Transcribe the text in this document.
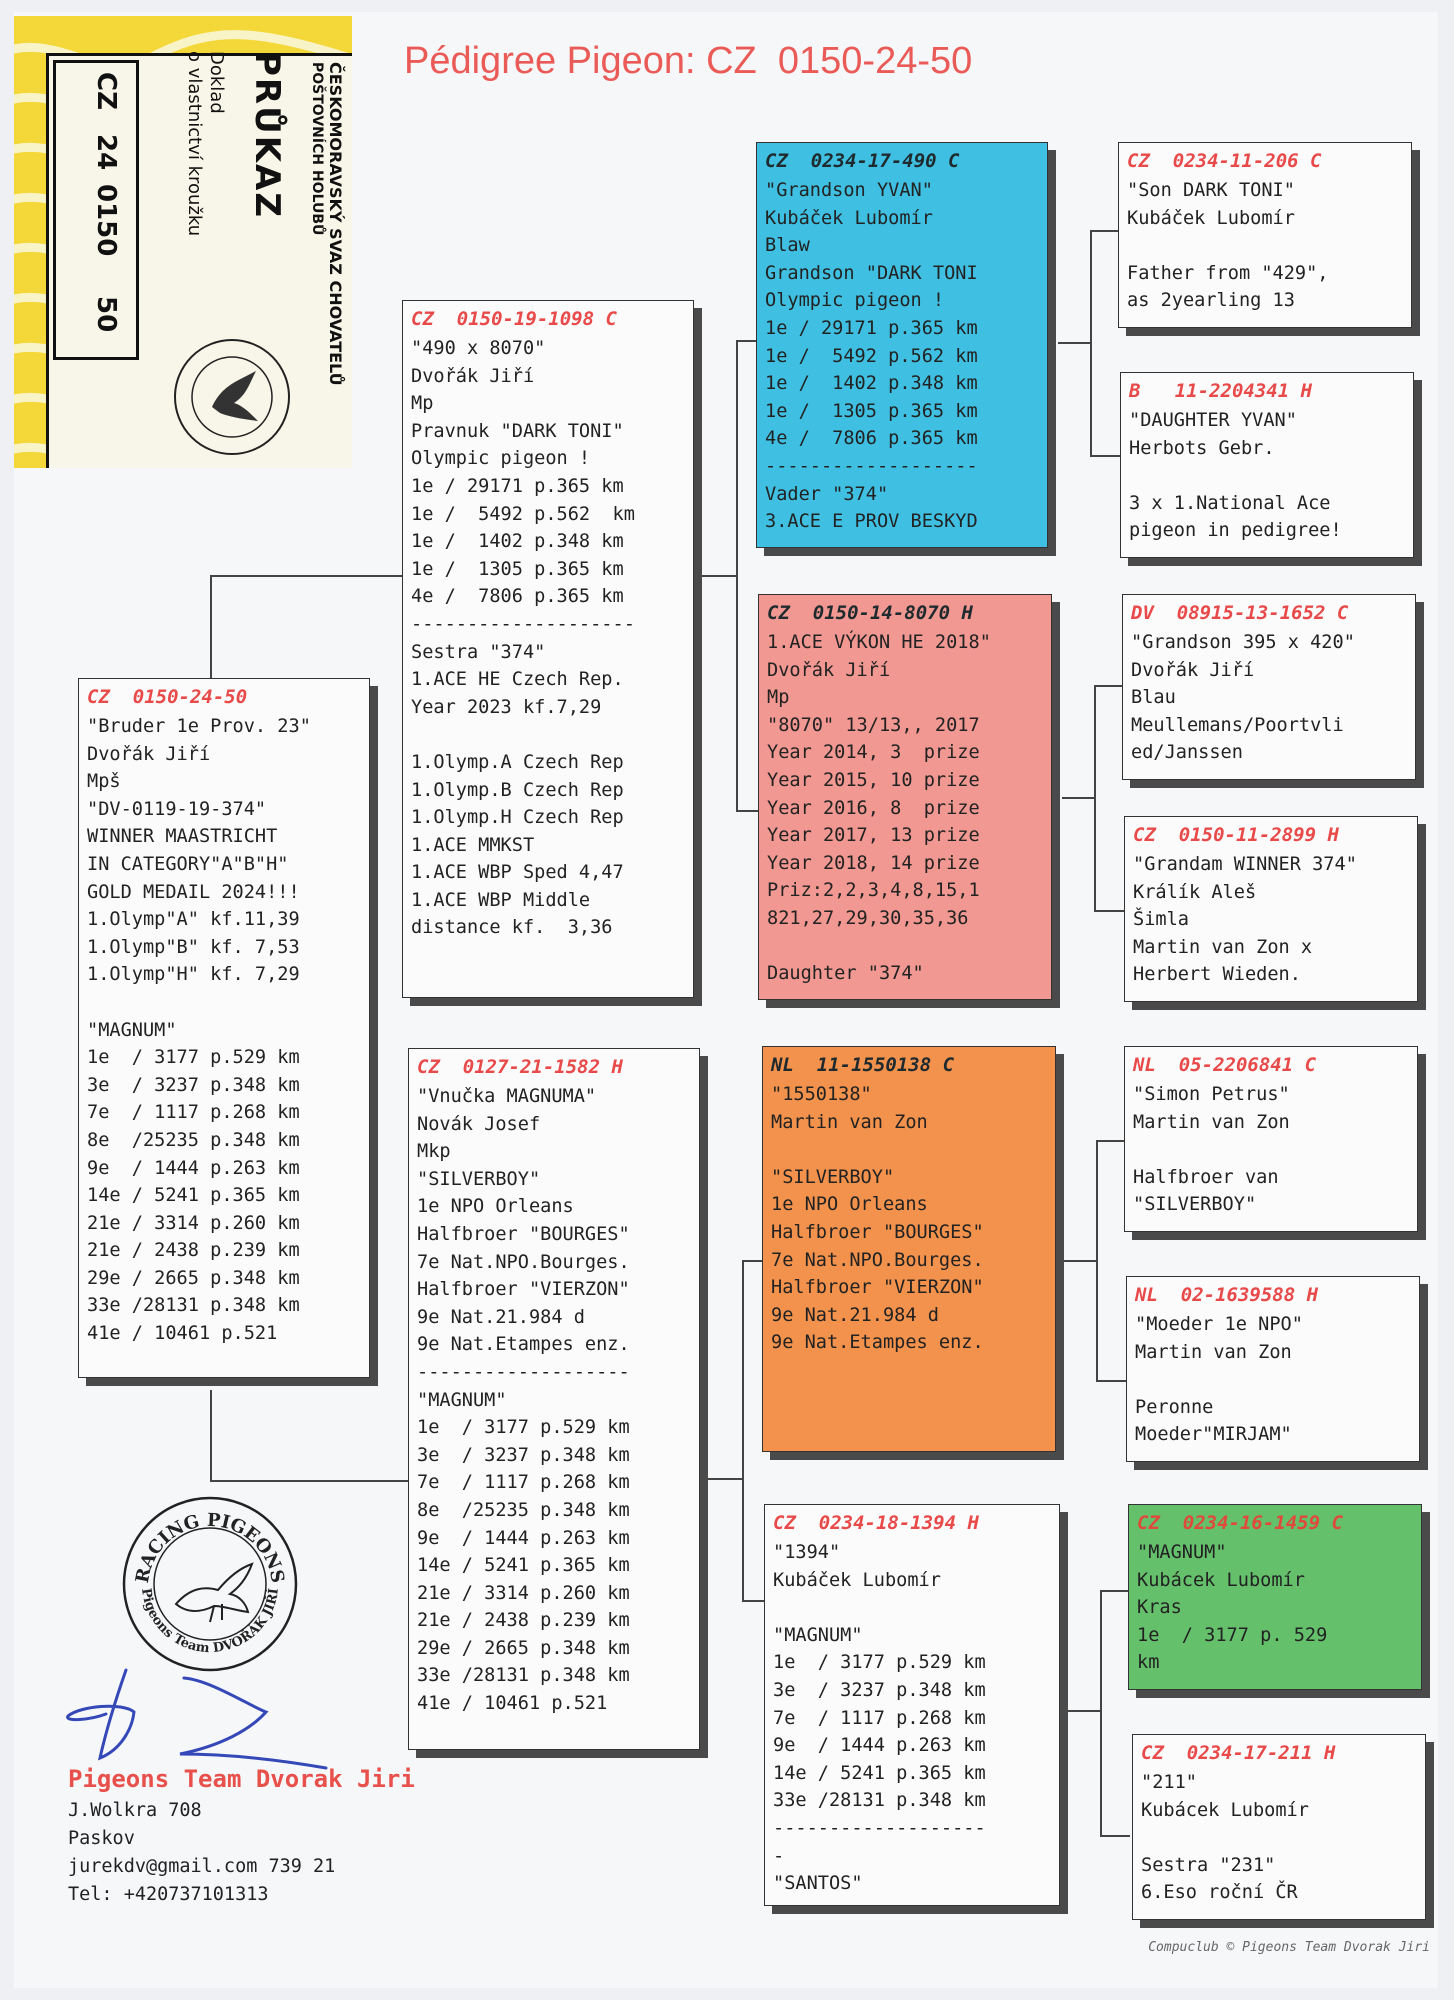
Pédigree Pigeon: CZ  0150-24-50
ČESKOMORAVSKÝ SVAZ CHOVATELŮ
POŠTOVNÍCH HOLUBŮ
PRŮKAZ
Doklad
o vlastnictví kroužku
CZ
24
0150
50
CZ  0150-24-50
"Bruder 1e Prov. 23"
Dvořák Jiří
Mpš
"DV-0119-19-374"
WINNER MAASTRICHT
IN CATEGORY"A"B"H"
GOLD MEDAIL 2024!!!
1.Olymp"A" kf.11,39
1.Olymp"B" kf. 7,53
1.Olymp"H" kf. 7,29
"MAGNUM"
1e  / 3177 p.529 km
3e  / 3237 p.348 km
7e  / 1117 p.268 km
8e  /25235 p.348 km
9e  / 1444 p.263 km
14e / 5241 p.365 km
21e / 3314 p.260 km
21e / 2438 p.239 km
29e / 2665 p.348 km
33e /28131 p.348 km
41e / 10461 p.521
CZ  0150-19-1098 C
"490 x 8070"
Dvořák Jiří
Mp
Pravnuk "DARK TONI"
Olympic pigeon !
1e / 29171 p.365 km
1e /  5492 p.562  km
1e /  1402 p.348 km
1e /  1305 p.365 km
4e /  7806 p.365 km
--------------------
Sestra "374"
1.ACE HE Czech Rep.
Year 2023 kf.7,29
1.Olymp.A Czech Rep
1.Olymp.B Czech Rep
1.Olymp.H Czech Rep
1.ACE MMKST
1.ACE WBP Sped 4,47
1.ACE WBP Middle
distance kf.  3,36
CZ  0127-21-1582 H
"Vnučka MAGNUMA"
Novák Josef
Mkp
"SILVERBOY"
1e NPO Orleans
Halfbroer "BOURGES"
7e Nat.NPO.Bourges.
Halfbroer "VIERZON"
9e Nat.21.984 d
9e Nat.Etampes enz.
-------------------
"MAGNUM"
1e  / 3177 p.529 km
3e  / 3237 p.348 km
7e  / 1117 p.268 km
8e  /25235 p.348 km
9e  / 1444 p.263 km
14e / 5241 p.365 km
21e / 3314 p.260 km
21e / 2438 p.239 km
29e / 2665 p.348 km
33e /28131 p.348 km
41e / 10461 p.521
CZ  0234-17-490 C
"Grandson YVAN"
Kubáček Lubomír
Blaw
Grandson "DARK TONI
Olympic pigeon !
1e / 29171 p.365 km
1e /  5492 p.562 km
1e /  1402 p.348 km
1e /  1305 p.365 km
4e /  7806 p.365 km
-------------------
Vader "374"
3.ACE E PROV BESKYD
CZ  0150-14-8070 H
1.ACE VÝKON HE 2018"
Dvořák Jiří
Mp
"8070" 13/13,, 2017
Year 2014, 3  prize
Year 2015, 10 prize
Year 2016, 8  prize
Year 2017, 13 prize
Year 2018, 14 prize
Priz:2,2,3,4,8,15,1
821,27,29,30,35,36
Daughter "374"
NL  11-1550138 C
"1550138"
Martin van Zon
"SILVERBOY"
1e NPO Orleans
Halfbroer "BOURGES"
7e Nat.NPO.Bourges.
Halfbroer "VIERZON"
9e Nat.21.984 d
9e Nat.Etampes enz.
CZ  0234-18-1394 H
"1394"
Kubáček Lubomír
"MAGNUM"
1e  / 3177 p.529 km
3e  / 3237 p.348 km
7e  / 1117 p.268 km
9e  / 1444 p.263 km
14e / 5241 p.365 km
33e /28131 p.348 km
-------------------
-
"SANTOS"
CZ  0234-11-206 C
"Son DARK TONI"
Kubáček Lubomír
Father from "429",
as 2yearling 13
B   11-2204341 H
"DAUGHTER YVAN"
Herbots Gebr.
3 x 1.National Ace
pigeon in pedigree!
DV  08915-13-1652 C
"Grandson 395 x 420"
Dvořák Jiří
Blau
Meullemans/Poortvli
ed/Janssen
CZ  0150-11-2899 H
"Grandam WINNER 374"
Králík Aleš
Šimla
Martin van Zon x
Herbert Wieden.
NL  05-2206841 C
"Simon Petrus"
Martin van Zon
Halfbroer van
"SILVERBOY"
NL  02-1639588 H
"Moeder 1e NPO"
Martin van Zon
Peronne
Moeder"MIRJAM"
CZ  0234-16-1459 C
"MAGNUM"
Kubácek Lubomír
Kras
1e  / 3177 p. 529
km
CZ  0234-17-211 H
"211"
Kubácek Lubomír
Sestra "231"
6.Eso roční ČR
RACING PIGEONS
Pigeons Team DVOŘÁK JIŘÍ
Pigeons Team Dvorak Jiri
J.Wolkra 708
Paskov
jurekdv@gmail.com 739 21
Tel: +420737101313
Compuclub © Pigeons Team Dvorak Jiri
